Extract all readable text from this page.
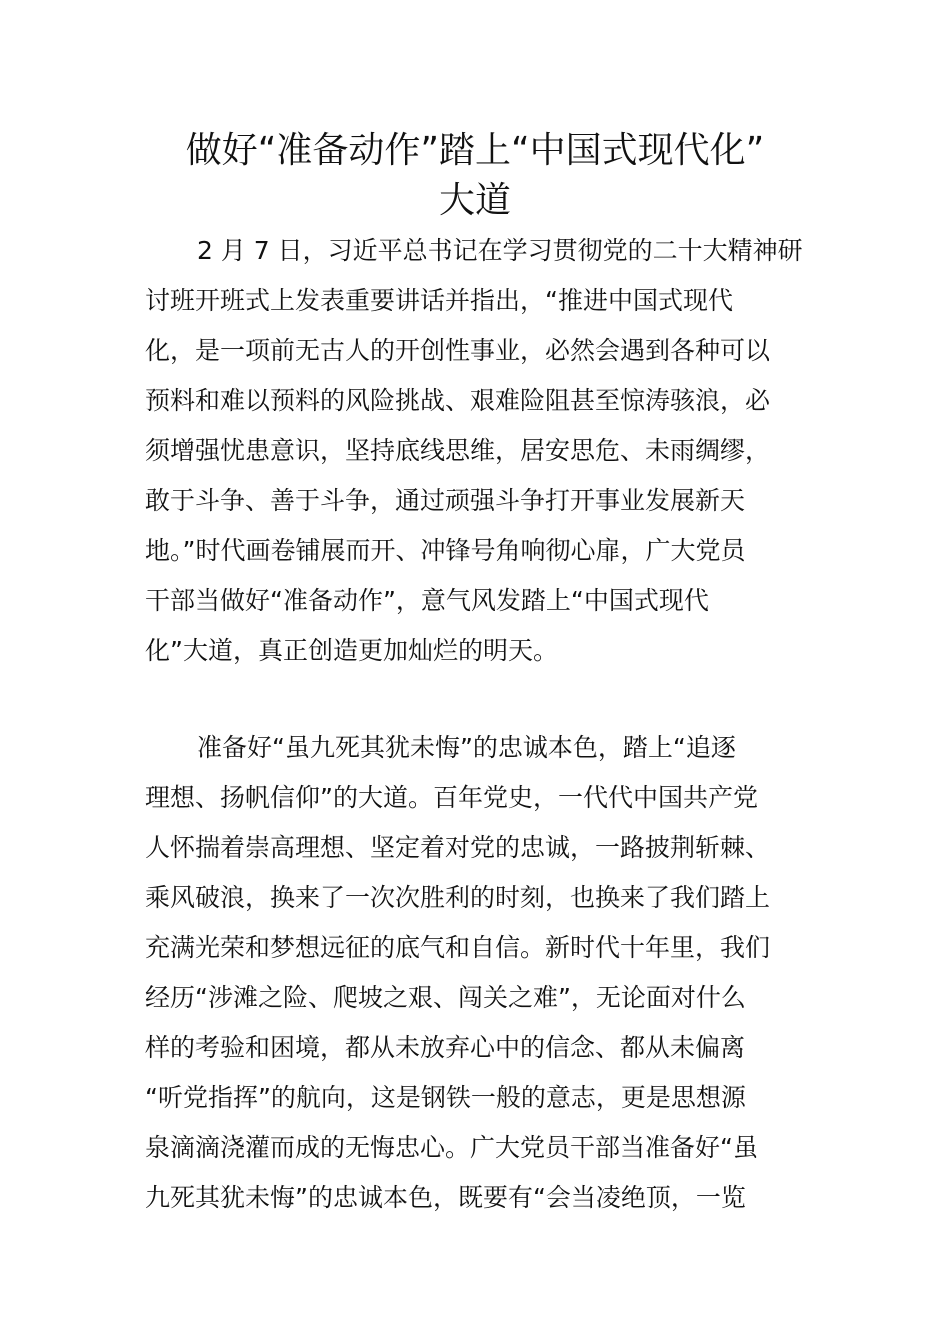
做好“准备动作”踏上“中国式现代化”
大道
2 月 7 日，习近平总书记在学习贯彻党的二十大精神研
讨班开班式上发表重要讲话并指出，“推进中国式现代
化，是一项前无古人的开创性事业，必然会遇到各种可以
预料和难以预料的风险挑战、艰难险阻甚至惊涛骇浪，必
须增强忧患意识，坚持底线思维，居安思危、未雨绸缪，
敢于斗争、善于斗争，通过顽强斗争打开事业发展新天
地。”时代画卷铺展而开、冲锋号角响彻心扉，广大党员
干部当做好“准备动作”，意气风发踏上“中国式现代
化”大道，真正创造更加灿烂的明天。
准备好“虽九死其犹未悔”的忠诚本色，踏上“追逐
理想、扬帆信仰”的大道。百年党史，一代代中国共产党
人怀揣着崇高理想、坚定着对党的忠诚，一路披荆斩棘、
乘风破浪，换来了一次次胜利的时刻，也换来了我们踏上
充满光荣和梦想远征的底气和自信。新时代十年里，我们
经历“涉滩之险、爬坡之艰、闯关之难”，无论面对什么
样的考验和困境，都从未放弃心中的信念、都从未偏离
“听党指挥”的航向，这是钢铁一般的意志，更是思想源
泉滴滴浇灌而成的无悔忠心。广大党员干部当准备好“虽
九死其犹未悔”的忠诚本色，既要有“会当凌绝顶，一览
